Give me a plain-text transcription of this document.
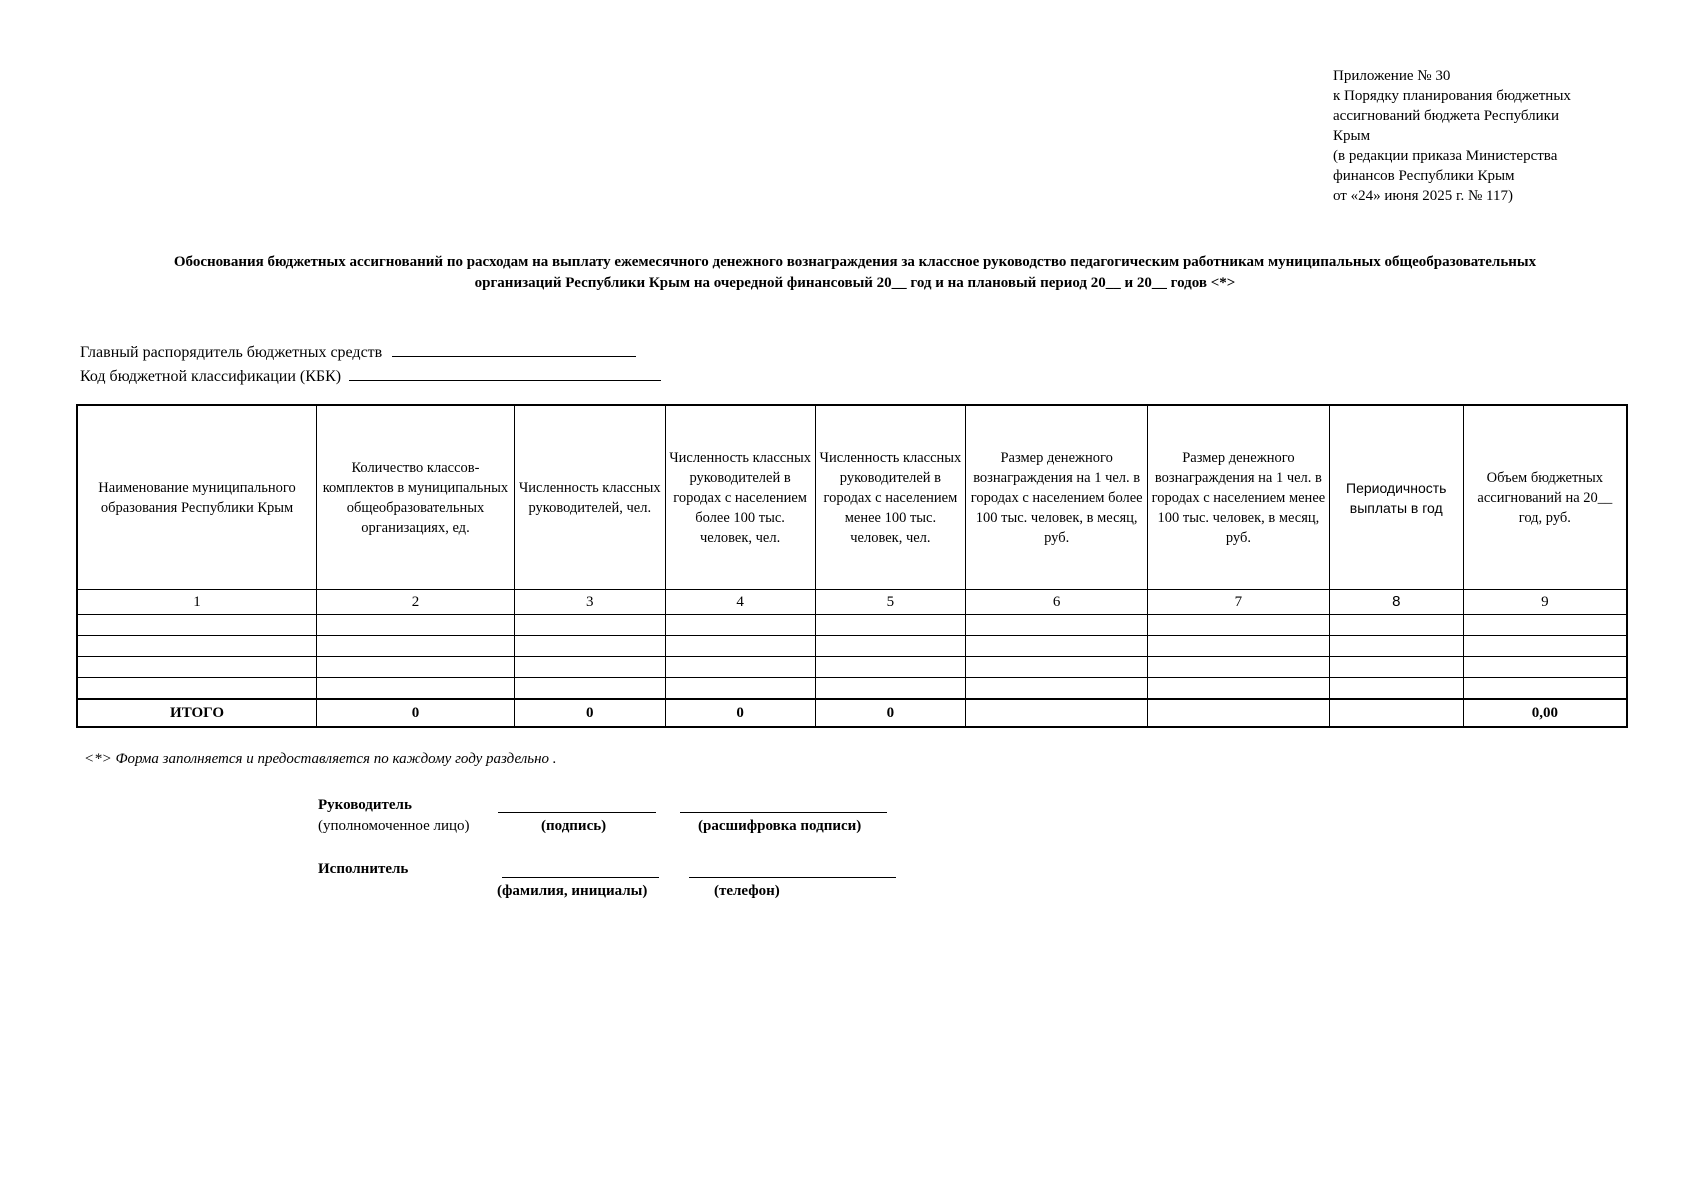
Приложение № 30
к Порядку планирования бюджетных
ассигнований бюджета Республики
Крым
(в редакции приказа Министерства
финансов Республики Крым
от «24» июня 2025 г. № 117)
Обоснования бюджетных ассигнований по расходам на выплату ежемесячного денежного вознаграждения за классное руководство педагогическим работникам муниципальных общеобразовательных
организаций Республики Крым на очередной финансовый 20__ год и на плановый период 20__ и 20__ годов <*>
Главный распорядитель бюджетных средств
Код бюджетной классификации (КБК)
Наименование муниципального образования Республики Крым	Количество классов-комплектов в муниципальных общеобразовательных организациях, ед.	Численность классных руководителей, чел.	Численность классных руководителей в городах с населением более 100 тыс. человек, чел.	Численность классных руководителей в городах с населением менее 100 тыс. человек, чел.	Размер денежного вознаграждения на 1 чел. в городах с населением более 100 тыс. человек, в месяц, руб.	Размер денежного вознаграждения на 1 чел. в городах с населением менее 100 тыс. человек, в месяц, руб.	Периодичность выплаты в год	Объем бюджетных ассигнований на 20__ год, руб.
1	2	3	4	5	6	7	8	9

ИТОГО	0	0	0	0				0,00
<*> Форма заполняется и предоставляется по каждому году раздельно .
Руководитель
(уполномоченное лицо)	(подпись)	(расшифровка подписи)
Исполнитель
(фамилия, инициалы)	(телефон)
